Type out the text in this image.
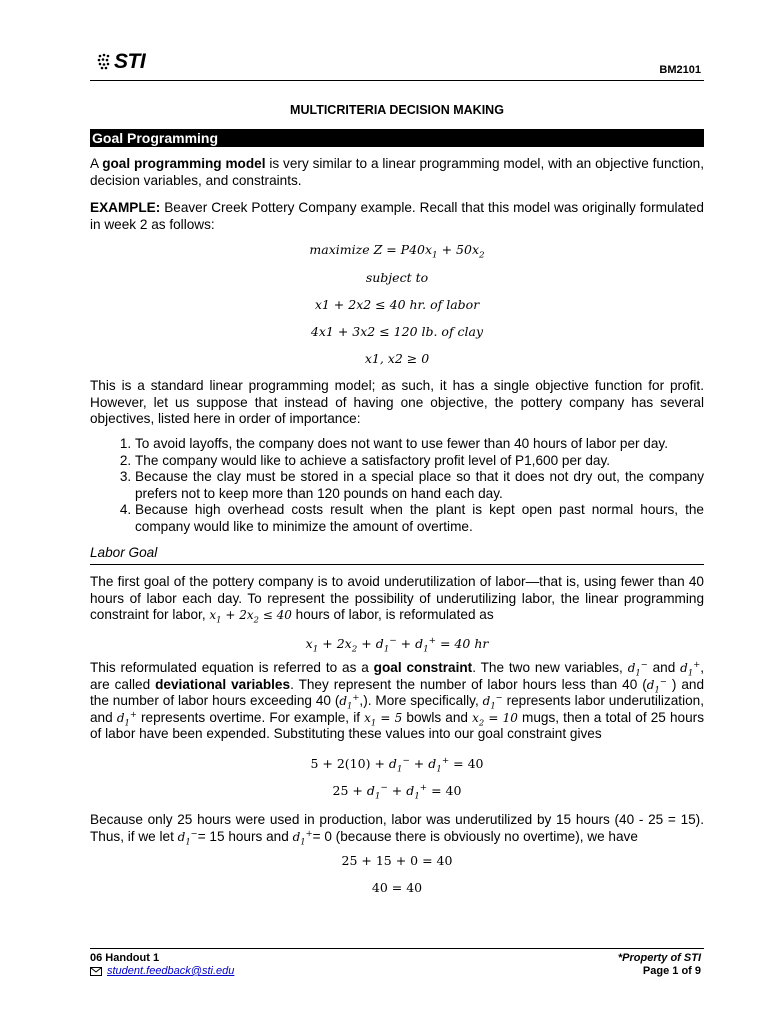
STI	BM2101
MULTICRITERIA DECISION MAKING
Goal Programming
A goal programming model is very similar to a linear programming model, with an objective function, decision variables, and constraints.
EXAMPLE: Beaver Creek Pottery Company example. Recall that this model was originally formulated in week 2 as follows:
maximize $Z = P40x_1 + 50x_2$
subject to
x1 + 2x2 ≤ 40 hr. of labor
4x1 + 3x2 ≤ 120 lb. of clay
x1, x2 ≥ 0
This is a standard linear programming model; as such, it has a single objective function for profit. However, let us suppose that instead of having one objective, the pottery company has several objectives, listed here in order of importance:
1. To avoid layoffs, the company does not want to use fewer than 40 hours of labor per day.
2. The company would like to achieve a satisfactory profit level of P1,600 per day.
3. Because the clay must be stored in a special place so that it does not dry out, the company prefers not to keep more than 120 pounds on hand each day.
4. Because high overhead costs result when the plant is kept open past normal hours, the company would like to minimize the amount of overtime.
Labor Goal
The first goal of the pottery company is to avoid underutilization of labor—that is, using fewer than 40 hours of labor each day. To represent the possibility of underutilizing labor, the linear programming constraint for labor, $x_1 + 2x_2 \le 40$ hours of labor, is reformulated as
$x_1 + 2x_2 + d_1^- + d_1^+ = 40$ hr
This reformulated equation is referred to as a goal constraint. The two new variables, $d_1^-$ and $d_1^+$, are called deviational variables. They represent the number of labor hours less than 40 ($d_1^-$ ) and the number of labor hours exceeding 40 $(d_1^+,)$. More specifically, $d_1^-$ represents labor underutilization, and $d_1^+$ represents overtime. For example, if $x_1 = 5$ bowls and $x_2 = 10$ mugs, then a total of 25 hours of labor have been expended. Substituting these values into our goal constraint gives
$5 + 2(10) + d_1^- + d_1^+ = 40$
$25 + d_1^- + d_1^+ = 40$
Because only 25 hours were used in production, labor was underutilized by 15 hours (40 - 25 = 15). Thus, if we let $d_1^-= 15$ hours and $d_1^+= 0$ (because there is obviously no overtime), we have
25 + 15 + 0 = 40
40 = 40
06 Handout 1
student.feedback@sti.edu
*Property of STI
Page 1 of 9
